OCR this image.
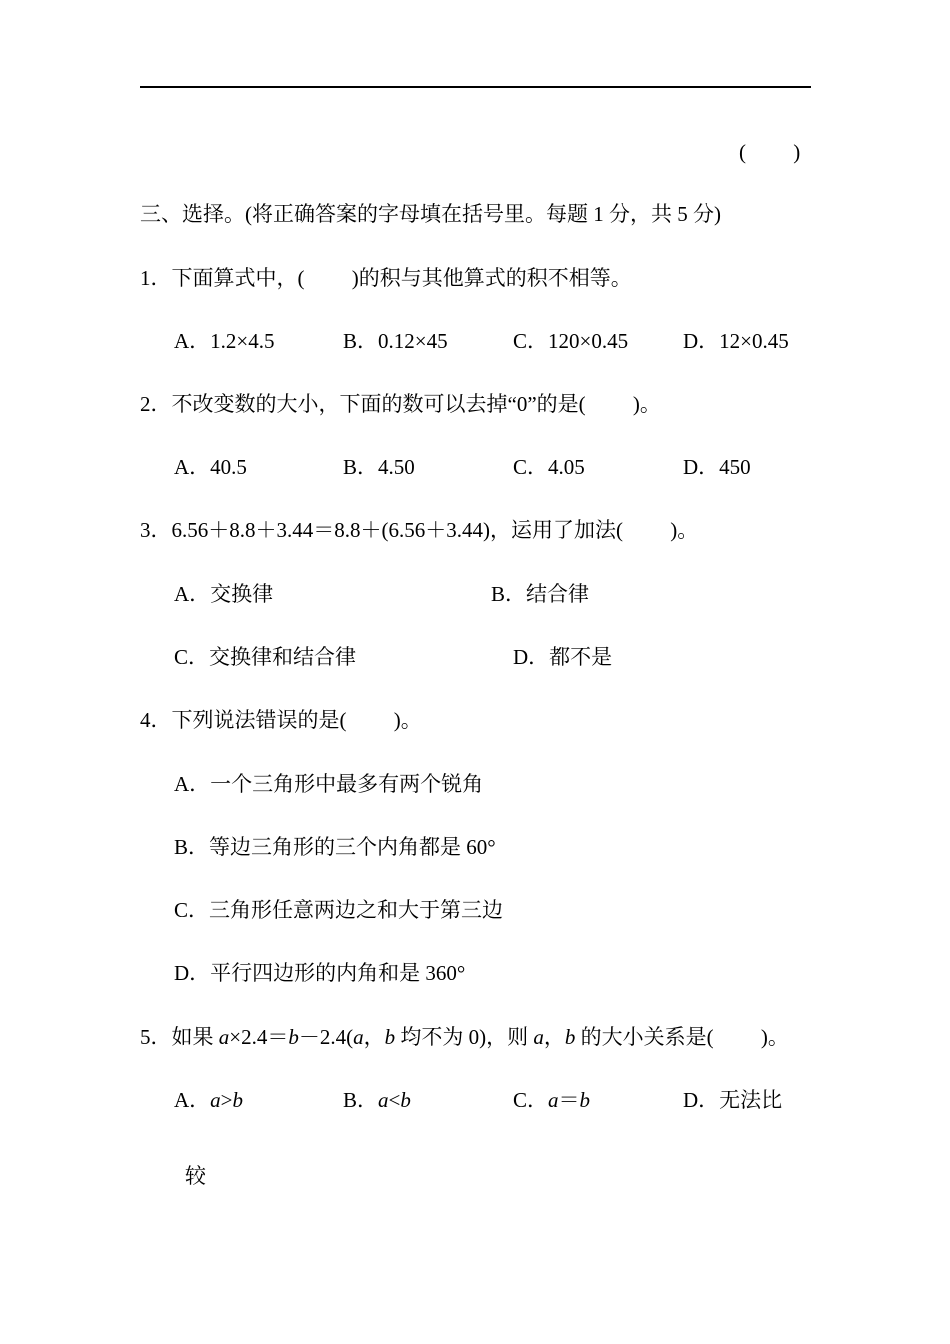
(　 　)
三、选择。(将正确答案的字母填在括号里。每题 1 分，共 5 分)
1．下面算式中，(　 　)的积与其他算式的积不相等。
A．1.2×4.5	B．0.12×45	C．120×0.45	D．12×0.45
2．不改变数的大小，下面的数可以去掉“0”的是(　 　)。
A．40.5	B．4.50	C．4.05	D．450
3．6.56＋8.8＋3.44＝8.8＋(6.56＋3.44)，运用了加法(　 　)。
A．交换律	B．结合律
C．交换律和结合律	D．都不是
4．下列说法错误的是(　 　)。
A．一个三角形中最多有两个锐角
B．等边三角形的三个内角都是 60°
C．三角形任意两边之和大于第三边
D．平行四边形的内角和是 360°
5．如果 a×2.4＝b－2.4(a，b 均不为 0)，则 a，b 的大小关系是(　 　)。
A．a>b	B．a<b	C．a＝b	D．无法比
较
